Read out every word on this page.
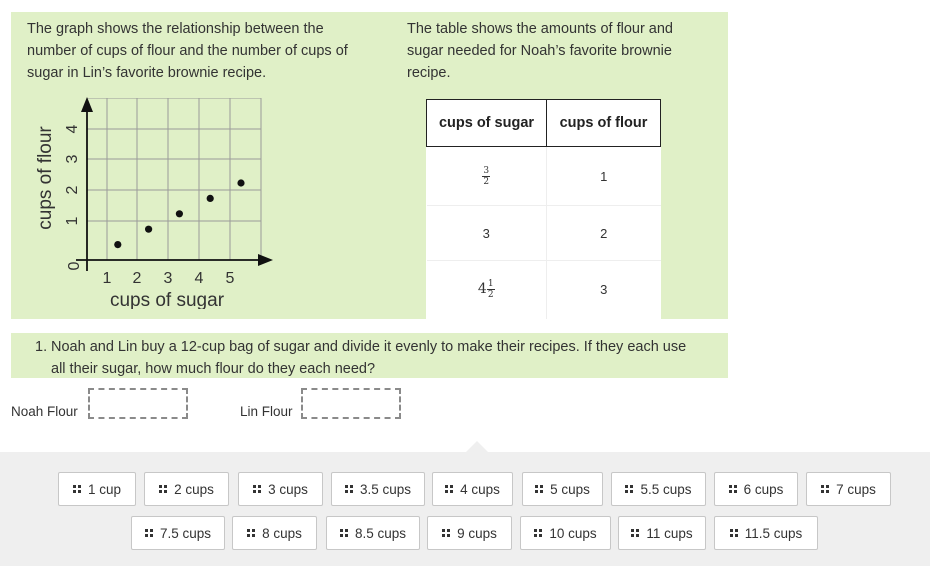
The graph shows the relationship between the number of cups of flour and the number of cups of sugar in Lin’s favorite brownie recipe.
The table shows the amounts of flour and sugar needed for Noah’s favorite brownie recipe.
1 2 3 4 5
1
2
3
4
0
cups of sugar
cups of flour
cups of sugar	cups of flour

$\frac{3}{2}$	1
3	2
$4 \frac{1}{2}$	3
1. Noah and Lin buy a 12-cup bag of sugar and divide it evenly to make their recipes. If they each use all their sugar, how much flour do they each need?
Noah Flour	Lin Flour
1 cup	2 cups	3 cups	3.5 cups	4 cups	5 cups	5.5 cups	6 cups	7 cups
7.5 cups	8 cups	8.5 cups	9 cups	10 cups	11 cups	11.5 cups
